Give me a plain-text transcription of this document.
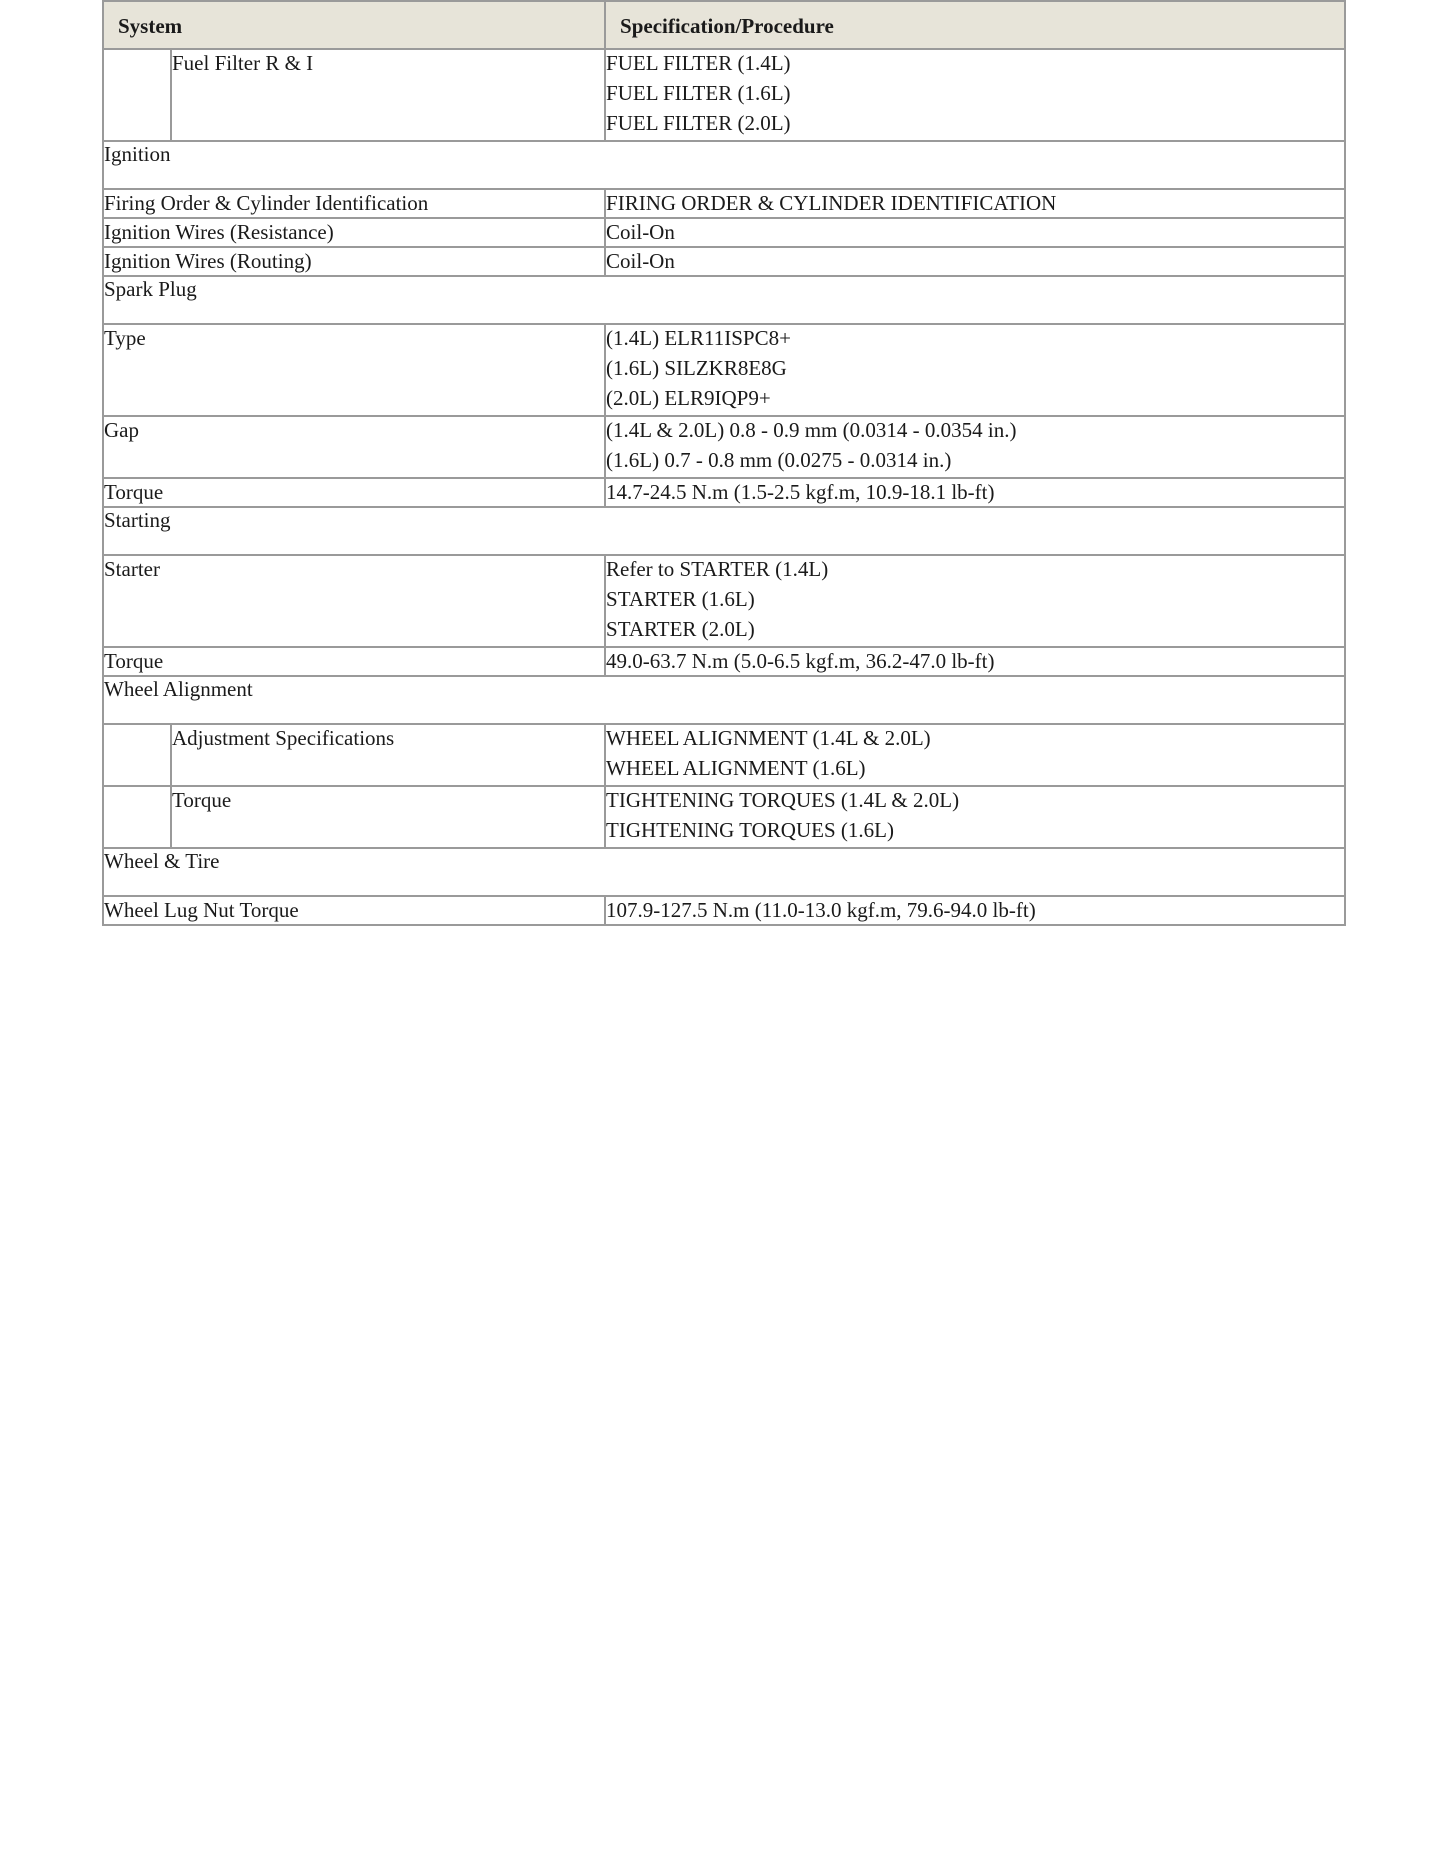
System		Specification/Procedure

	Fuel Filter R & I	FUEL FILTER (1.4L)
FUEL FILTER (1.6L)
FUEL FILTER (2.0L)

Ignition		

Firing Order & Cylinder Identification		FIRING ORDER & CYLINDER IDENTIFICATION

Ignition Wires (Resistance)		Coil-On

Ignition Wires (Routing)		Coil-On

Spark Plug		

Type		(1.4L) ELR11ISPC8+
(1.6L) SILZKR8E8G
(2.0L) ELR9IQP9+

Gap		(1.4L & 2.0L) 0.8 - 0.9 mm (0.0314 - 0.0354 in.)
(1.6L) 0.7 - 0.8 mm (0.0275 - 0.0314 in.)

Torque		14.7-24.5 N.m (1.5-2.5 kgf.m, 10.9-18.1 lb-ft)

Starting		

Starter		Refer to STARTER (1.4L)
STARTER (1.6L)
STARTER (2.0L)

Torque		49.0-63.7 N.m (5.0-6.5 kgf.m, 36.2-47.0 lb-ft)

Wheel Alignment		

	Adjustment Specifications	WHEEL ALIGNMENT (1.4L & 2.0L)
WHEEL ALIGNMENT (1.6L)

	Torque	TIGHTENING TORQUES (1.4L & 2.0L)
TIGHTENING TORQUES (1.6L)

Wheel & Tire		

Wheel Lug Nut Torque		107.9-127.5 N.m (11.0-13.0 kgf.m, 79.6-94.0 lb-ft)
